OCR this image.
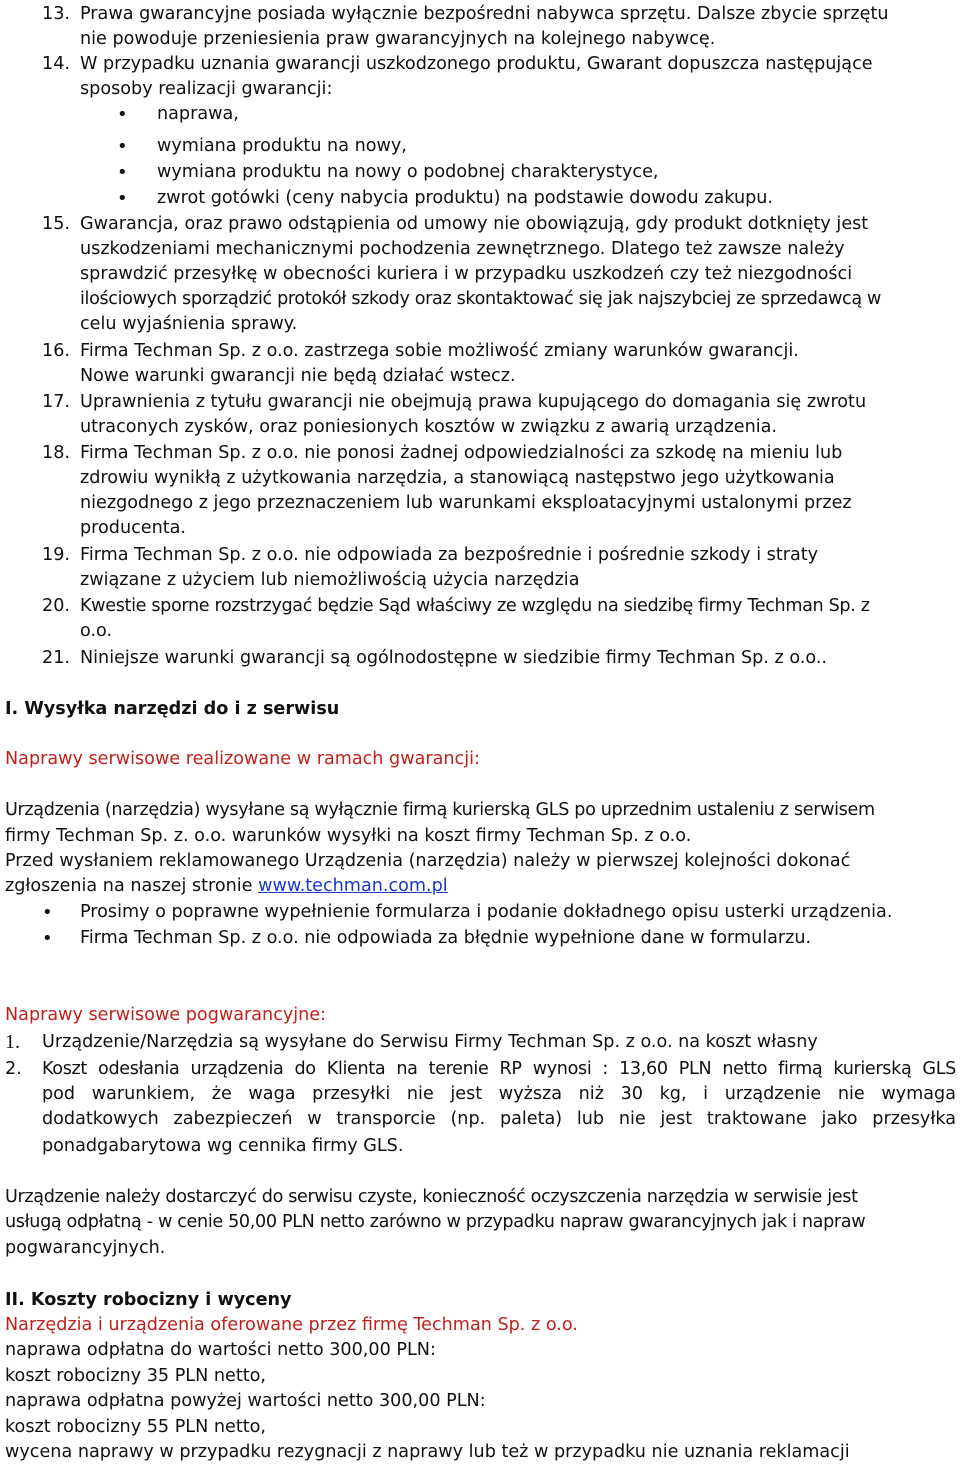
13. Prawa gwarancyjne posiada wyłącznie bezpośredni nabywca sprzętu. Dalsze zbycie sprzętu
nie powoduje przeniesienia praw gwarancyjnych na kolejnego nabywcę.
14. W przypadku uznania gwarancji uszkodzonego produktu, Gwarant dopuszcza następujące
sposoby realizacji gwarancji:
• naprawa,
• wymiana produktu na nowy,
• wymiana produktu na nowy o podobnej charakterystyce,
• zwrot gotówki (ceny nabycia produktu) na podstawie dowodu zakupu.
15. Gwarancja, oraz prawo odstąpienia od umowy nie obowiązują, gdy produkt dotknięty jest
uszkodzeniami mechanicznymi pochodzenia zewnętrznego. Dlatego też zawsze należy
sprawdzić przesyłkę w obecności kuriera i w przypadku uszkodzeń czy też niezgodności
ilościowych sporządzić protokół szkody oraz skontaktować się jak najszybciej ze sprzedawcą w
celu wyjaśnienia sprawy.
16. Firma Techman Sp. z o.o. zastrzega sobie możliwość zmiany warunków gwarancji.
Nowe warunki gwarancji nie będą działać wstecz.
17. Uprawnienia z tytułu gwarancji nie obejmują prawa kupującego do domagania się zwrotu
utraconych zysków, oraz poniesionych kosztów w związku z awarią urządzenia.
18. Firma Techman Sp. z o.o. nie ponosi żadnej odpowiedzialności za szkodę na mieniu lub
zdrowiu wynikłą z użytkowania narzędzia, a stanowiącą następstwo jego użytkowania
niezgodnego z jego przeznaczeniem lub warunkami eksploatacyjnymi ustalonymi przez
producenta.
19. Firma Techman Sp. z o.o. nie odpowiada za bezpośrednie i pośrednie szkody i straty
związane z użyciem lub niemożliwością użycia narzędzia
20. Kwestie sporne rozstrzygać będzie Sąd właściwy ze względu na siedzibę firmy Techman Sp. z
o.o.
21. Niniejsze warunki gwarancji są ogólnodostępne w siedzibie firmy Techman Sp. z o.o..
I. Wysyłka narzędzi do i z serwisu
Naprawy serwisowe realizowane w ramach gwarancji:
Urządzenia (narzędzia) wysyłane są wyłącznie firmą kurierską GLS po uprzednim ustaleniu z serwisem
firmy Techman Sp. z. o.o. warunków wysyłki na koszt firmy Techman Sp. z o.o.
Przed wysłaniem reklamowanego Urządzenia (narzędzia) należy w pierwszej kolejności dokonać
zgłoszenia na naszej stronie www.techman.com.pl
• Prosimy o poprawne wypełnienie formularza i podanie dokładnego opisu usterki urządzenia.
• Firma Techman Sp. z o.o. nie odpowiada za błędnie wypełnione dane w formularzu.
Naprawy serwisowe pogwarancyjne:
1. Urządzenie/Narzędzia są wysyłane do Serwisu Firmy Techman Sp. z o.o. na koszt własny
2. Koszt odesłania urządzenia do Klienta na terenie RP wynosi : 13,60 PLN netto firmą kurierską GLS
pod warunkiem, że waga przesyłki nie jest wyższa niż 30 kg, i urządzenie nie wymaga
dodatkowych zabezpieczeń w transporcie (np. paleta) lub nie jest traktowane jako przesyłka
ponadgabarytowa wg cennika firmy GLS.
Urządzenie należy dostarczyć do serwisu czyste, konieczność oczyszczenia narzędzia w serwisie jest
usługą odpłatną - w cenie 50,00 PLN netto zarówno w przypadku napraw gwarancyjnych jak i napraw
pogwarancyjnych.
II. Koszty robocizny i wyceny
Narzędzia i urządzenia oferowane przez firmę Techman Sp. z o.o.
naprawa odpłatna do wartości netto 300,00 PLN:
koszt robocizny 35 PLN netto,
naprawa odpłatna powyżej wartości netto 300,00 PLN:
koszt robocizny 55 PLN netto,
wycena naprawy w przypadku rezygnacji z naprawy lub też w przypadku nie uznania reklamacji
